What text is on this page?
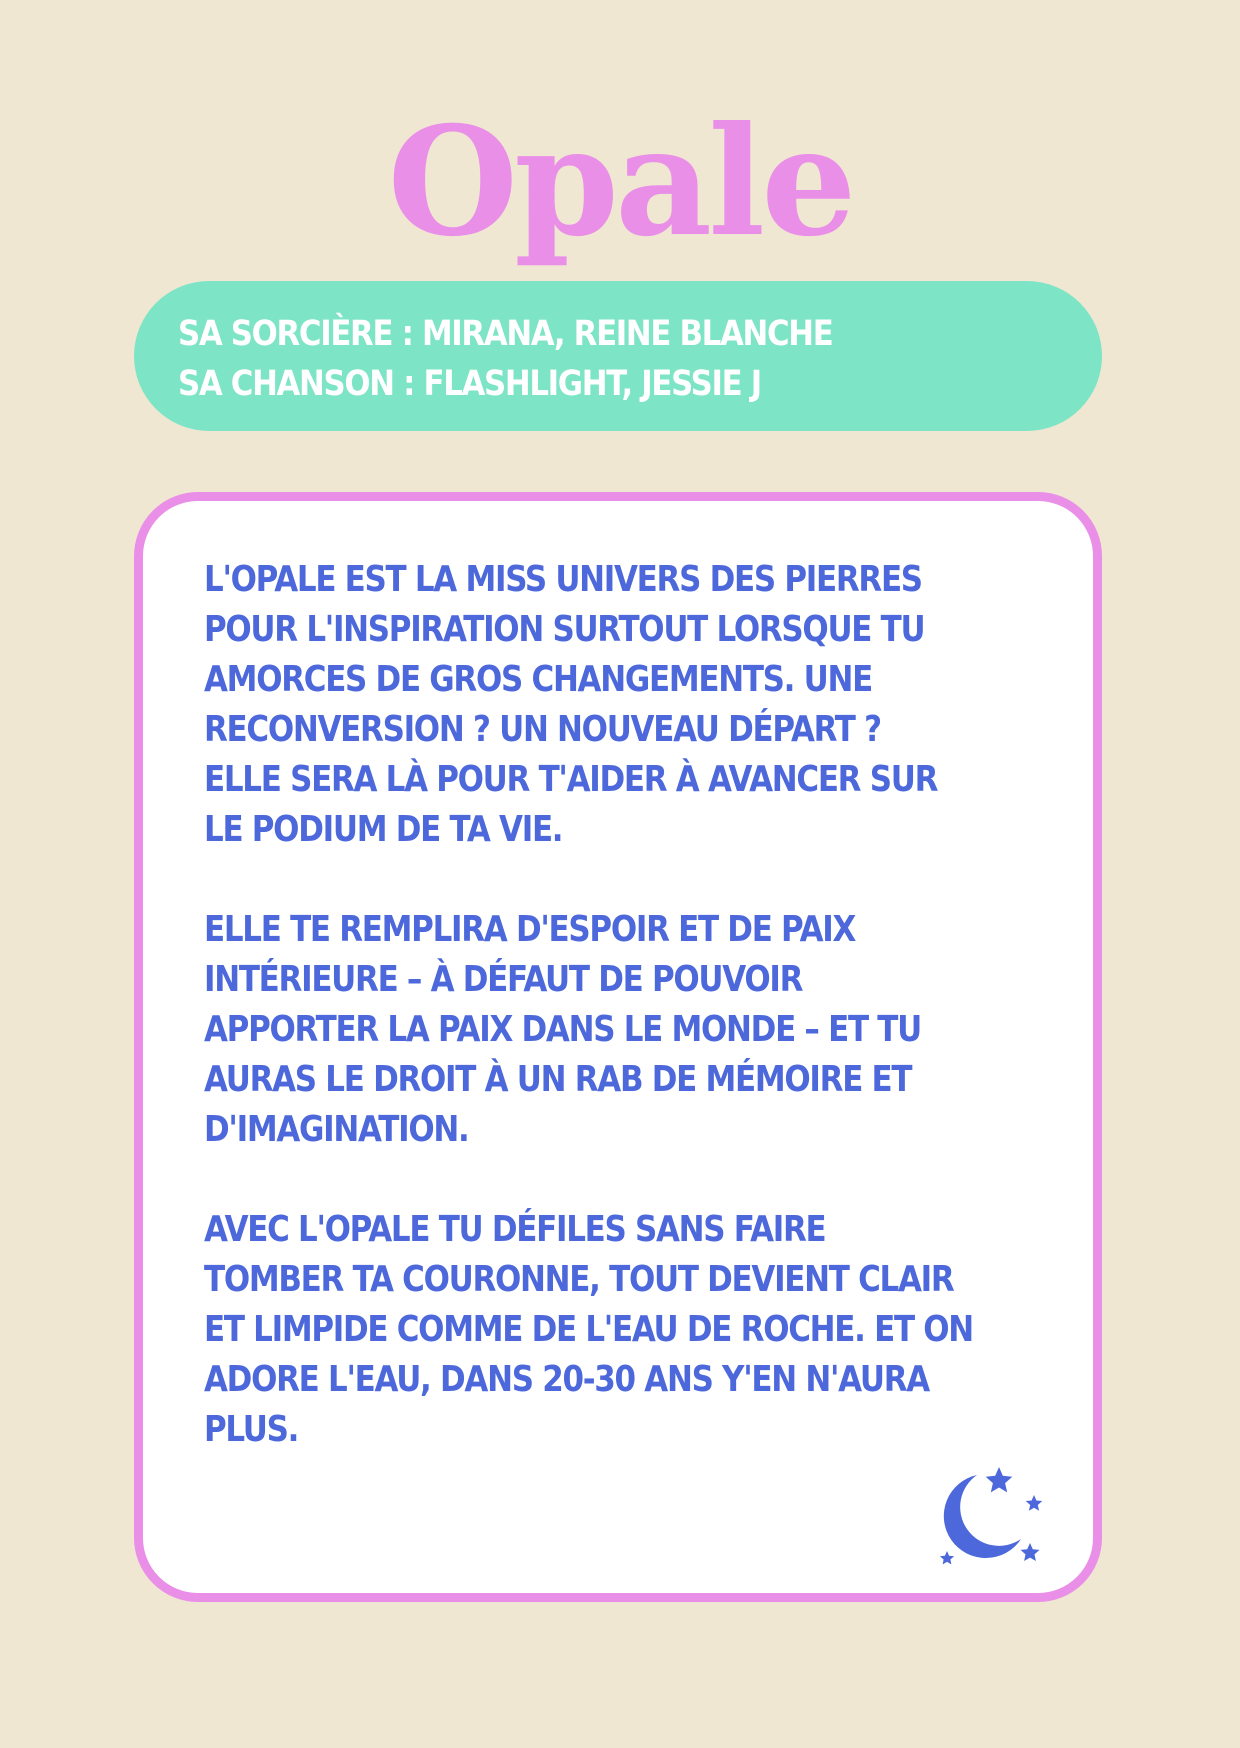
Opale
SA SORCIÈRE : MIRANA, REINE BLANCHE
SA CHANSON : FLASHLIGHT, JESSIE J
L'OPALE EST LA MISS UNIVERS DES PIERRES
POUR L'INSPIRATION SURTOUT LORSQUE TU
AMORCES DE GROS CHANGEMENTS. UNE
RECONVERSION ? UN NOUVEAU DÉPART ?
ELLE SERA LÀ POUR T'AIDER À AVANCER SUR
LE PODIUM DE TA VIE.
ELLE TE REMPLIRA D'ESPOIR ET DE PAIX
INTÉRIEURE – À DÉFAUT DE POUVOIR
APPORTER LA PAIX DANS LE MONDE – ET TU
AURAS LE DROIT À UN RAB DE MÉMOIRE ET
D'IMAGINATION.
AVEC L'OPALE TU DÉFILES SANS FAIRE
TOMBER TA COURONNE, TOUT DEVIENT CLAIR
ET LIMPIDE COMME DE L'EAU DE ROCHE. ET ON
ADORE L'EAU, DANS 20-30 ANS Y'EN N'AURA
PLUS.
